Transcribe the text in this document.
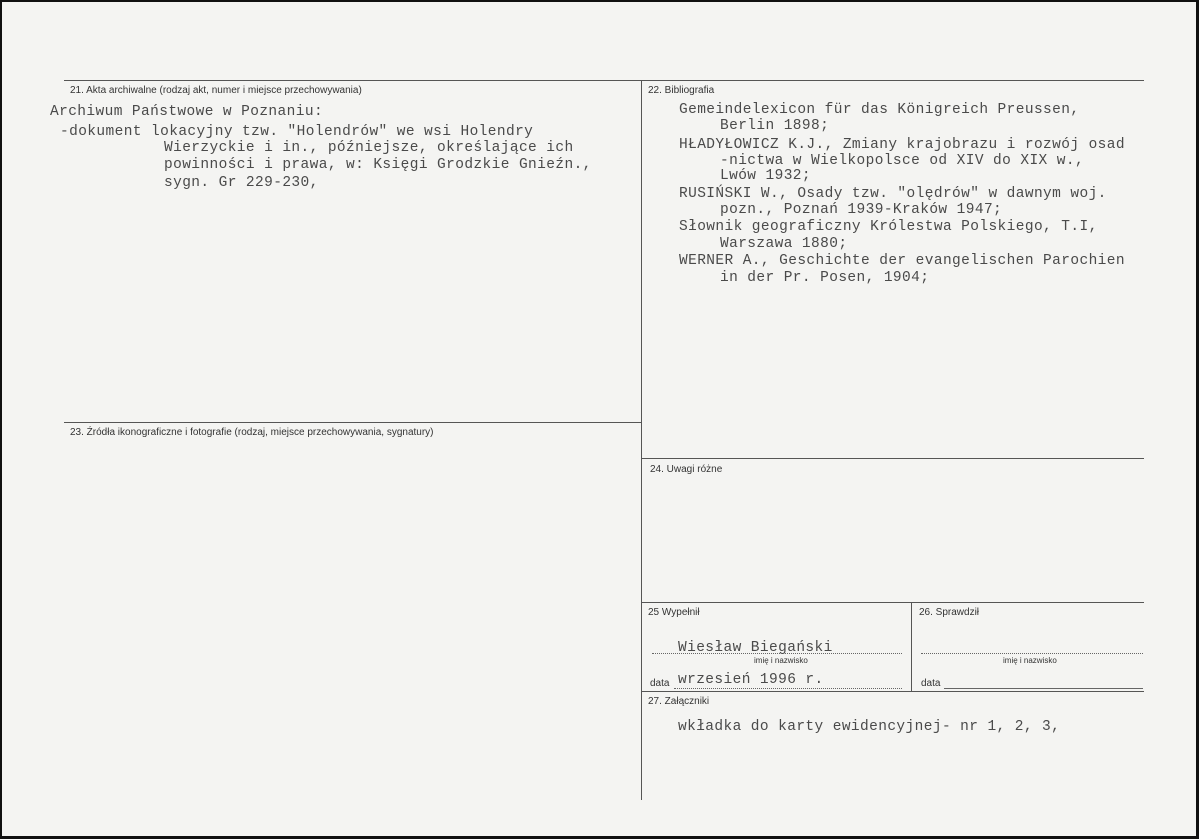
21. Akta archiwalne (rodzaj akt, numer i miejsce przechowywania)
Archiwum Państwowe w Poznaniu:
-dokument lokacyjny tzw. "Holendrów" we wsi Holendry
Wierzyckie i in., późniejsze, określające ich
powinności i prawa, w: Księgi Grodzkie Gnieźn.,
sygn. Gr 229-230,
22. Bibliografia
Gemeindelexicon für das Königreich Preussen,
Berlin 1898;
HŁADYŁOWICZ K.J., Zmiany krajobrazu i rozwój osad
-nictwa w Wielkopolsce od XIV do XIX w.,
Lwów 1932;
RUSIŃSKI W., Osady tzw. "olędrów" w dawnym woj.
pozn., Poznań 1939-Kraków 1947;
Słownik geograficzny Królestwa Polskiego, T.I,
Warszawa 1880;
WERNER A., Geschichte der evangelischen Parochien
in der Pr. Posen, 1904;
23. Źródła ikonograficzne i fotografie (rodzaj, miejsce przechowywania, sygnatury)
24. Uwagi różne
25 Wypełnił
Wiesław Biegański
imię i nazwisko
data wrzesień 1996 r.
26. Sprawdził
imię i nazwisko
data
27. Załączniki
wkładka do karty ewidencyjnej- nr 1, 2, 3,
